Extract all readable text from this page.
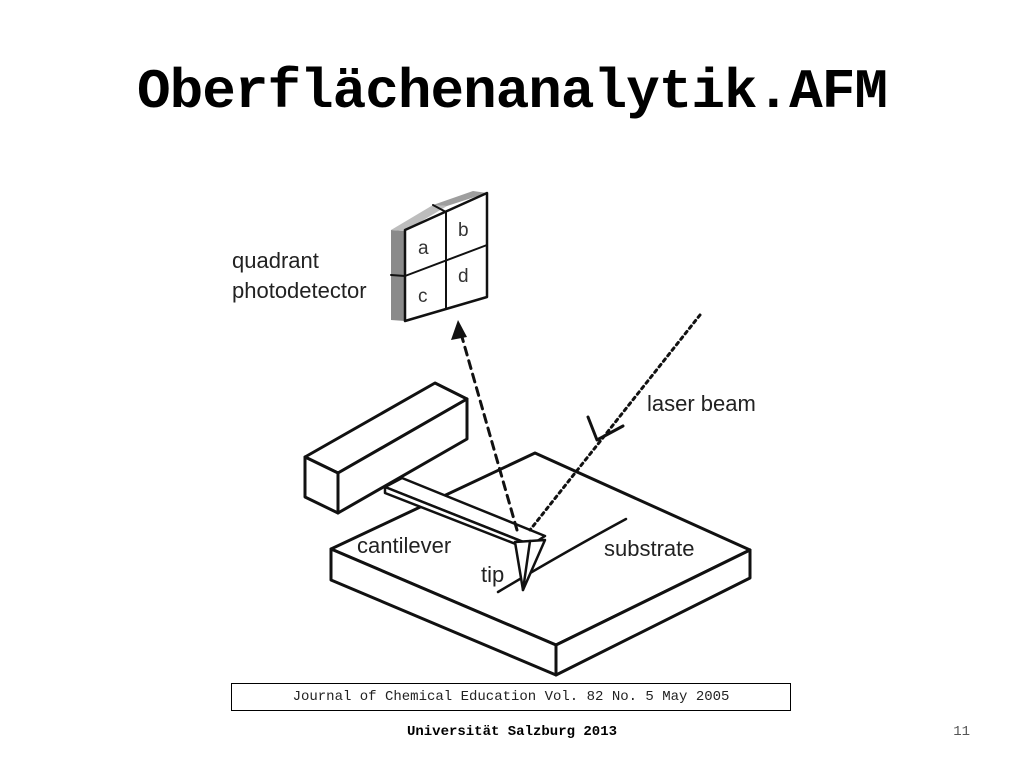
Oberflächenanalytik.AFM
a
b
c
d
quadrant
photodetector
laser beam
cantilever
tip
substrate
Journal of Chemical Education Vol. 82 No. 5 May 2005
Universität Salzburg 2013	11
